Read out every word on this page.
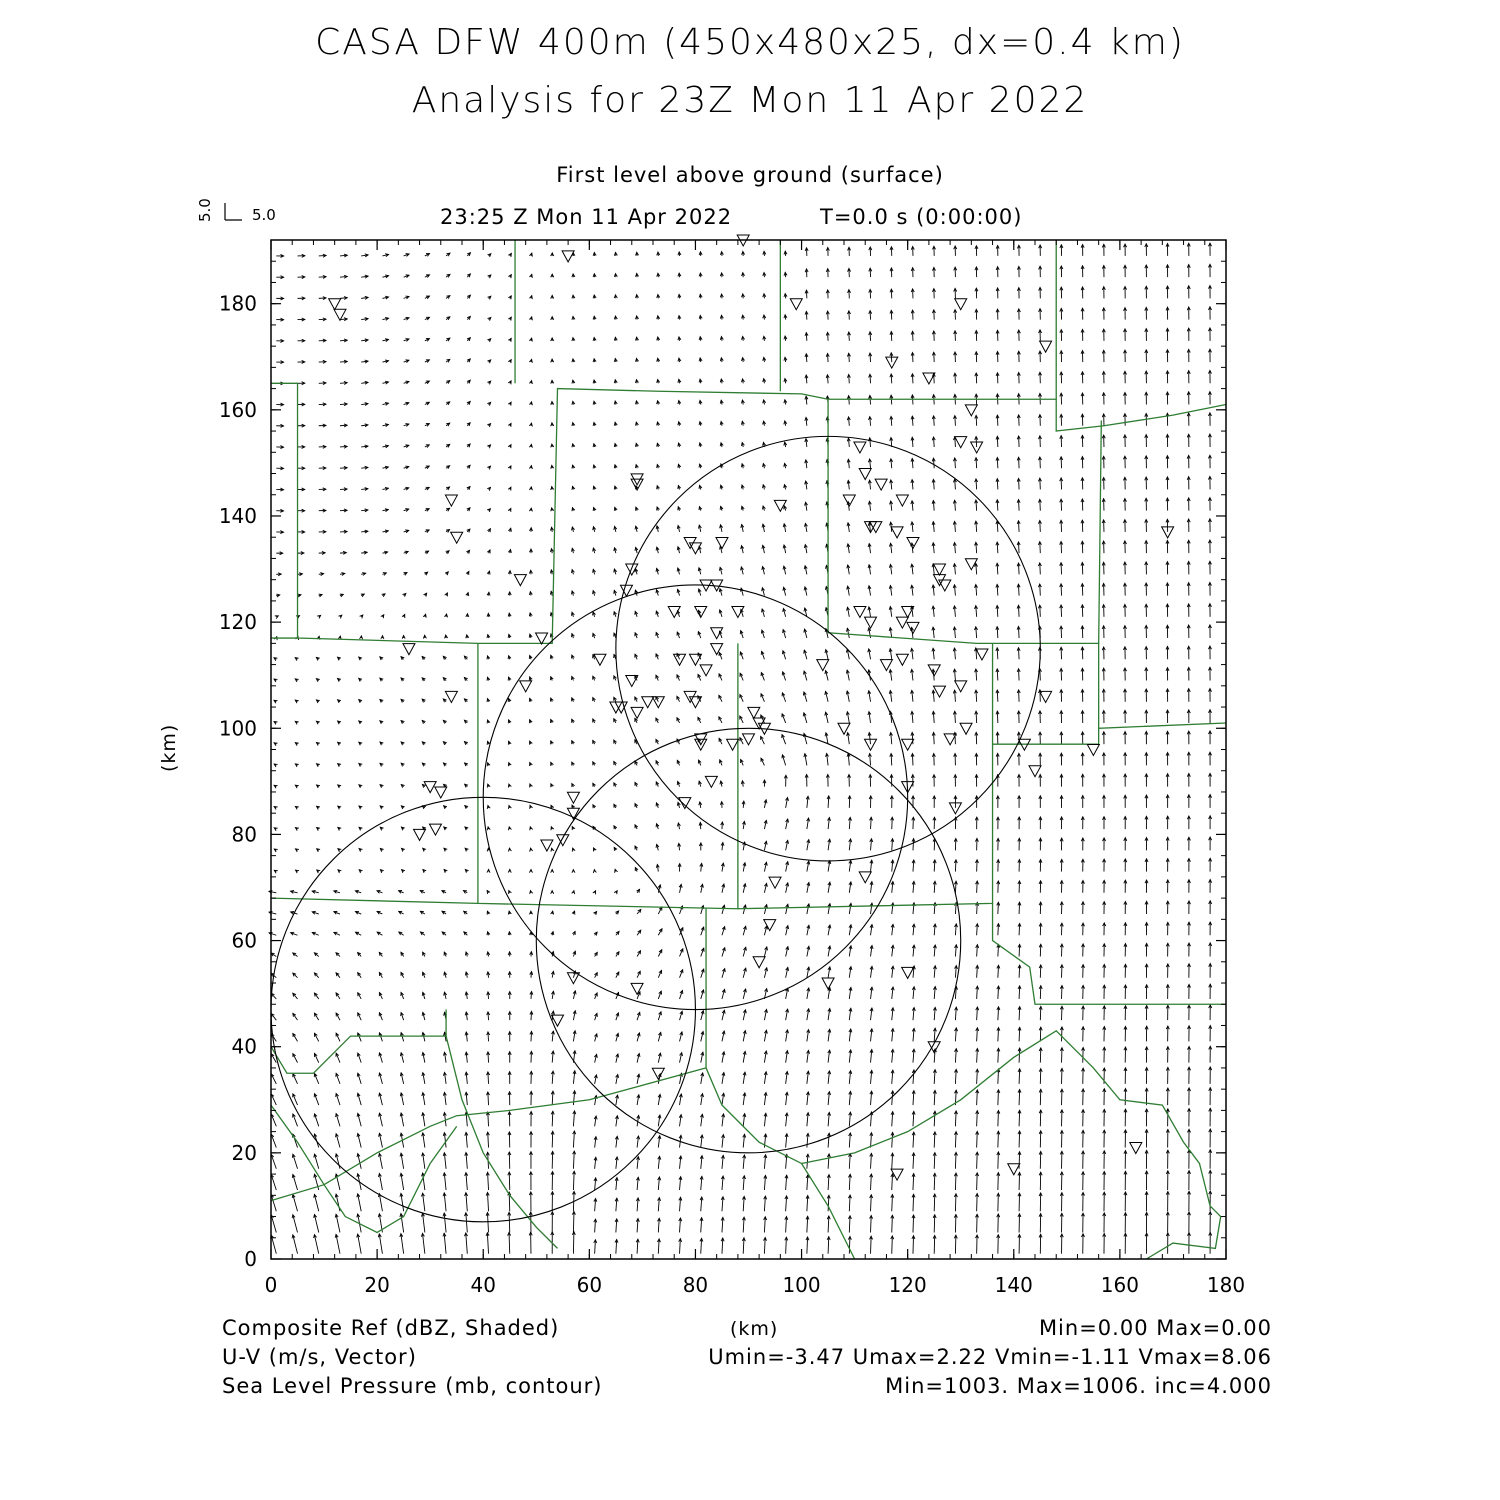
CASA DFW 400m (450x480x25, dx=0.4 km)
Analysis for 23Z Mon 11 Apr 2022
First level above ground (surface)
23:25 Z Mon 11 Apr 2022	T=0.0 s (0:00:00)
5.0	5.0
0	20	40	60	80	100	120	140	160	180
0
20
40
60
80
100
120
140
160
180
(km)
Composite Ref (dBZ, Shaded)	(km)	Min=0.00 Max=0.00
U-V (m/s, Vector)	Umin=-3.47 Umax=2.22 Vmin=-1.11 Vmax=8.06
Sea Level Pressure (mb, contour)	Min=1003. Max=1006. inc=4.000
